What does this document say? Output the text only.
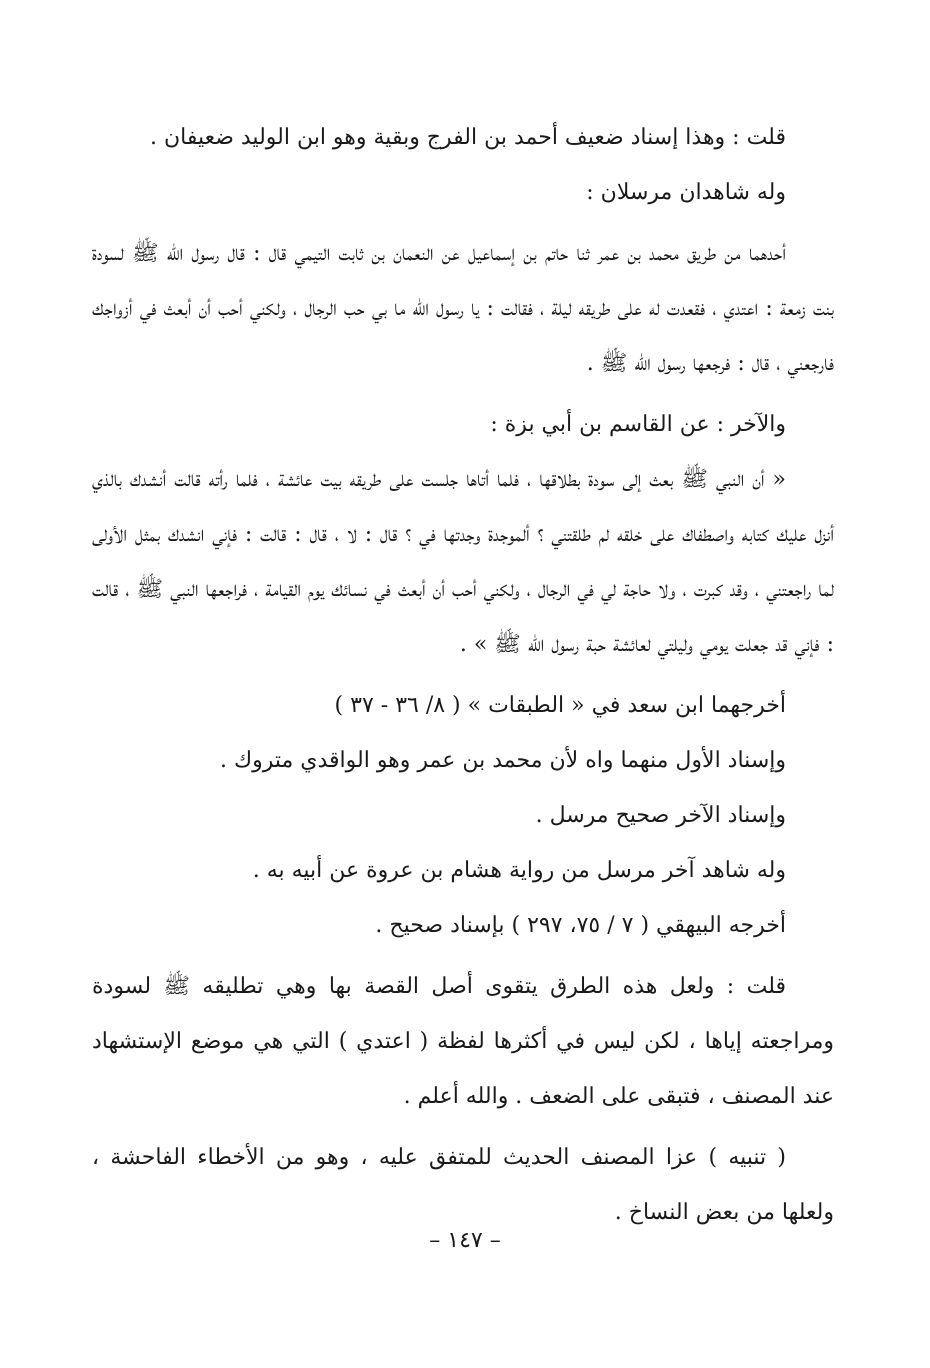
قلت : وهذا إسناد ضعيف أحمد بن الفرج وبقية وهو ابن الوليد ضعيفان .

وله شاهدان مرسلان :

أحدهما من طريق محمد بن عمر ثنا حاتم بن إسماعيل عن النعمان بن ثابت التيمي قال : قال رسول الله ﷺ لسودة بنت زمعة : اعتدي ، فقعدت له على طريقه ليلة ، فقالت : يا رسول الله ما بي حب الرجال ، ولكني أحب أن أبعث في أزواجك فارجعني ، قال : فرجعها رسول الله ﷺ .

والآخر : عن القاسم بن أبي بزة :

« أن النبي ﷺ بعث إلى سودة بطلاقها ، فلما أتاها جلست على طريقه بيت عائشة ، فلما رأته قالت أنشدك بالذي أنزل عليك كتابه واصطفاك على خلقه لم طلقتني ؟ ألموجدة وجدتها في ؟ قال : لا ، قال : قالت : فإني انشدك بمثل الأولى لما راجعتني ، وقد كبرت ، ولا حاجة لي في الرجال ، ولكني أحب أن أبعث في نسائك يوم القيامة ، فراجعها النبي ﷺ ، قالت : فإني قد جعلت يومي وليلتي لعائشة حبة رسول الله ﷺ » .

أخرجهما ابن سعد في « الطبقات » ( ٨/ ٣٦ - ٣٧ )

وإسناد الأول منهما واه لأن محمد بن عمر وهو الواقدي متروك .

وإسناد الآخر صحيح مرسل .

وله شاهد آخر مرسل من رواية هشام بن عروة عن أبيه به .

أخرجه البيهقي ( ٧ / ٧٥، ٢٩٧ ) بإسناد صحيح .

قلت : ولعل هذه الطرق يتقوى أصل القصة بها وهي تطليقه ﷺ لسودة ومراجعته إياها ، لكن ليس في أكثرها لفظة ( اعتدي ) التي هي موضع الإستشهاد عند المصنف ، فتبقى على الضعف . والله أعلم .

( تنبيه ) عزا المصنف الحديث للمتفق عليه ، وهو من الأخطاء الفاحشة ، ولعلها من بعض النساخ .

– ١٤٧ –
